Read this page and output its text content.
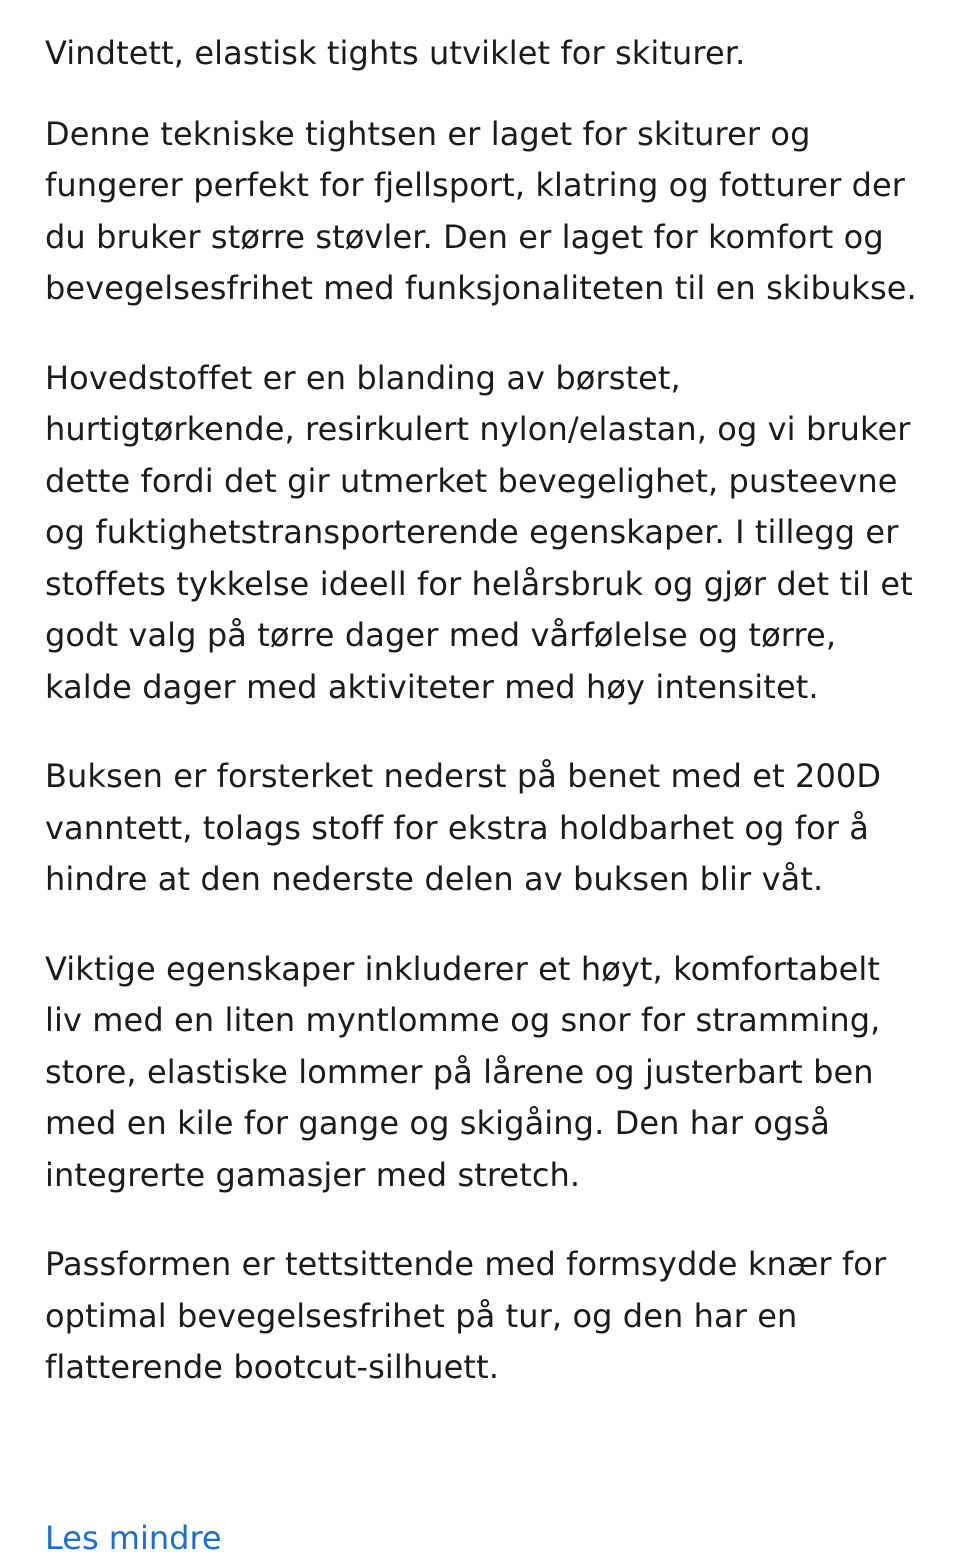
Vindtett, elastisk tights utviklet for skiturer.

Denne tekniske tightsen er laget for skiturer og fungerer perfekt for fjellsport, klatring og fotturer der du bruker større støvler. Den er laget for komfort og bevegelsesfrihet med funksjonaliteten til en skibukse.

Hovedstoffet er en blanding av børstet, hurtigtørkende, resirkulert nylon/elastan, og vi bruker dette fordi det gir utmerket bevegelighet, pusteevne og fuktighetstransporterende egenskaper. I tillegg er stoffets tykkelse ideell for helårsbruk og gjør det til et godt valg på tørre dager med vårfølelse og tørre, kalde dager med aktiviteter med høy intensitet.

Buksen er forsterket nederst på benet med et 200D vanntett, tolags stoff for ekstra holdbarhet og for å hindre at den nederste delen av buksen blir våt.

Viktige egenskaper inkluderer et høyt, komfortabelt liv med en liten myntlomme og snor for stramming, store, elastiske lommer på lårene og justerbart ben med en kile for gange og skigåing. Den har også integrerte gamasjer med stretch.

Passformen er tettsittende med formsydde knær for optimal bevegelsesfrihet på tur, og den har en flatterende bootcut-silhuett.

Les mindre
